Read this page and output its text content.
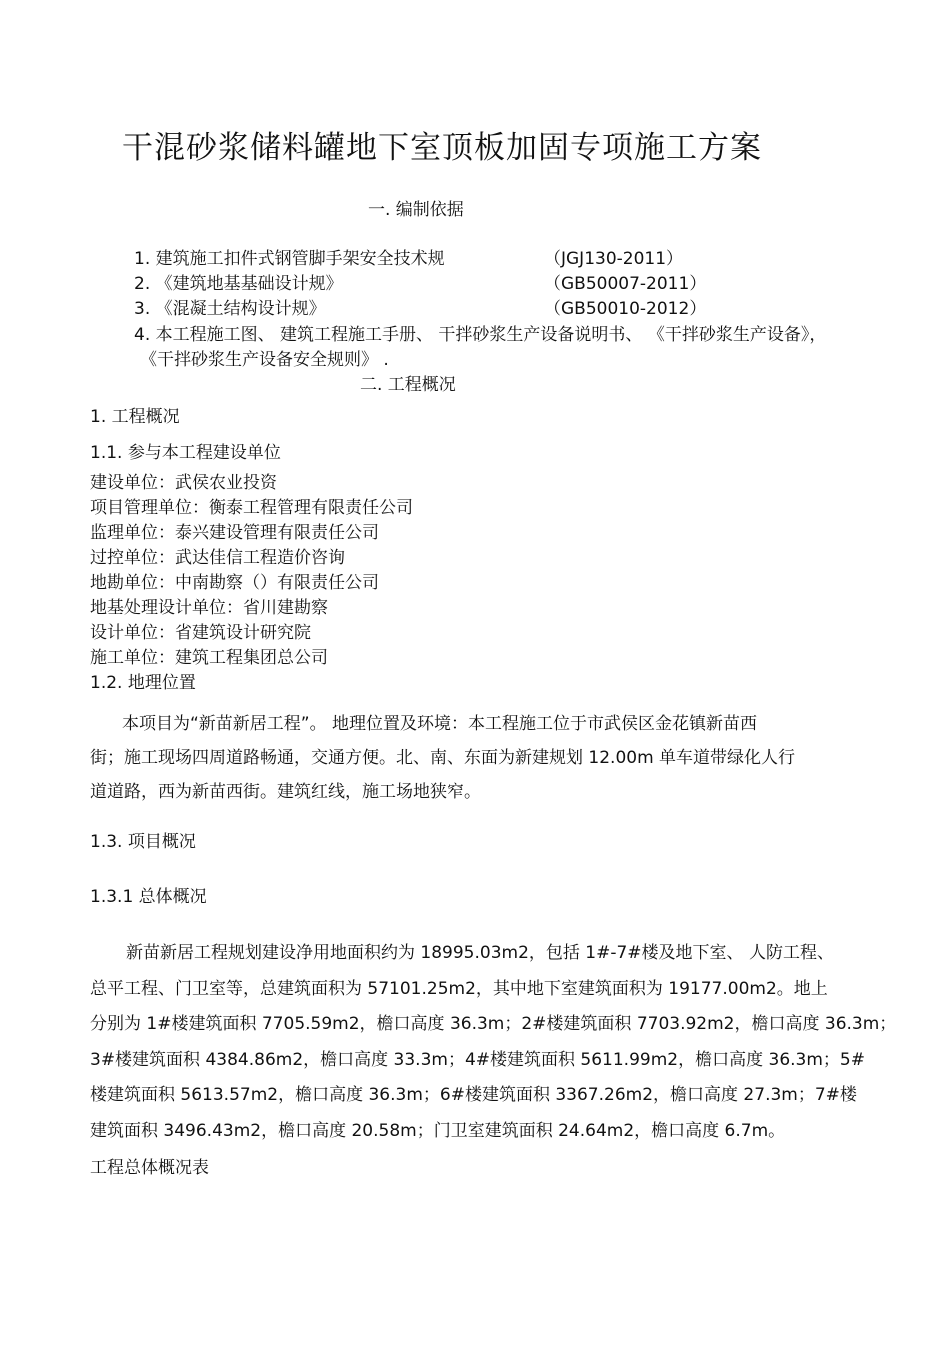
干混砂浆储料罐地下室顶板加固专项施工方案
一. 编制依据
1. 建筑施工扣件式钢管脚手架安全技术规	（JGJ130-2011）
2. 《建筑地基基础设计规》	（GB50007-2011）
3. 《混凝土结构设计规》	（GB50010-2012）
4. 本工程施工图、 建筑工程施工手册、 干拌砂浆生产设备说明书、 《干拌砂浆生产设备》，
《干拌砂浆生产设备安全规则》 .
二. 工程概况
1. 工程概况
1.1. 参与本工程建设单位
建设单位：武侯农业投资
项目管理单位：衡泰工程管理有限责任公司
监理单位：泰兴建设管理有限责任公司
过控单位：武达佳信工程造价咨询
地勘单位：中南勘察（）有限责任公司
地基处理设计单位：省川建勘察
设计单位：省建筑设计研究院
施工单位：建筑工程集团总公司
1.2. 地理位置
本项目为“新苗新居工程”。 地理位置及环境：本工程施工位于市武侯区金花镇新苗西
街；施工现场四周道路畅通，交通方便。北、南、东面为新建规划 12.00m 单车道带绿化人行
道道路，西为新苗西街。建筑红线，施工场地狭窄。
1.3. 项目概况
1.3.1 总体概况
新苗新居工程规划建设净用地面积约为 18995.03m2，包括 1#-7#楼及地下室、 人防工程、
总平工程、门卫室等，总建筑面积为 57101.25m2，其中地下室建筑面积为 19177.00m2。地上
分别为 1#楼建筑面积 7705.59m2，檐口高度 36.3m；2#楼建筑面积 7703.92m2，檐口高度 36.3m；
3#楼建筑面积 4384.86m2，檐口高度 33.3m；4#楼建筑面积 5611.99m2，檐口高度 36.3m；5#
楼建筑面积 5613.57m2，檐口高度 36.3m；6#楼建筑面积 3367.26m2，檐口高度 27.3m；7#楼
建筑面积 3496.43m2，檐口高度 20.58m；门卫室建筑面积 24.64m2，檐口高度 6.7m。
工程总体概况表
